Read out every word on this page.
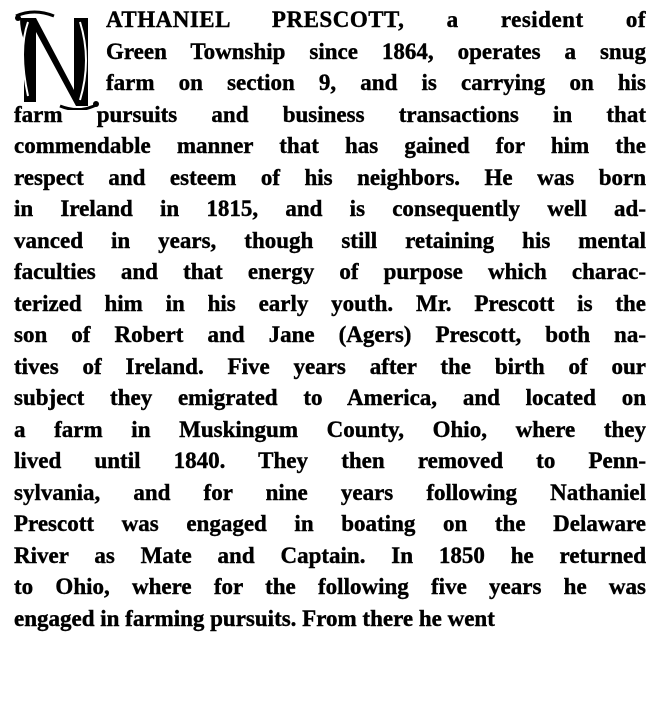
ATHANIEL PRESCOTT, a resident of
Green Township since 1864, operates a snug
farm on section 9, and is carrying on his
farm pursuits and business transactions in that
commendable manner that has gained for him the
respect and esteem of his neighbors. He was born
in Ireland in 1815, and is consequently well ad-
vanced in years, though still retaining his mental
faculties and that energy of purpose which charac-
terized him in his early youth. Mr. Prescott is the
son of Robert and Jane (Agers) Prescott, both na-
tives of Ireland. Five years after the birth of our
subject they emigrated to America, and located on
a farm in Muskingum County, Ohio, where they
lived until 1840. They then removed to Penn-
sylvania, and for nine years following Nathaniel
Prescott was engaged in boating on the Delaware
River as Mate and Captain. In 1850 he returned
to Ohio, where for the following five years he was
engaged in farming pursuits. From there he went
